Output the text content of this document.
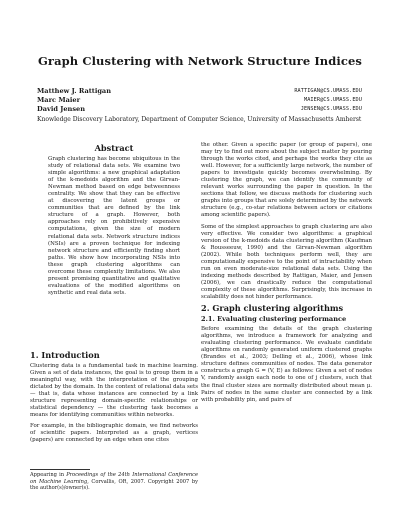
Graph Clustering with Network Structure Indices
Matthew J. Rattigan	RATTIGAN@CS.UMASS.EDU
Marc Maier	MAIER@CS.UMASS.EDU
David Jensen	JENSEN@CS.UMASS.EDU
Knowledge Discovery Laboratory, Department of Computer Science, University of Massachusetts Amherst
Abstract

Graph clustering has become ubiquitous in the study of relational data sets. We examine two simple algorithms: a new graphical adaptation of the k-medoids algorithm and the Girvan-Newman method based on edge betweenness centrality. We show that they can be effective at discovering the latent groups or communities that are defined by the link structure of a graph. However, both approaches rely on prohibitively expensive computations, given the size of modern relational data sets. Network structure indices (NSIs) are a proven technique for indexing network structure and efficiently finding short paths. We show how incorporating NSIs into these graph clustering algorithms can overcome these complexity limitations. We also present promising quantitative and qualitative evaluations of the modified algorithms on synthetic and real data sets.

1. Introduction

Clustering data is a fundamental task in machine learning. Given a set of data instances, the goal is to group them in a meaningful way, with the interpretation of the grouping dictated by the domain. In the context of relational data sets — that is, data whose instances are connected by a link structure representing domain-specific relationships or statistical dependency — the clustering task becomes a means for identifying communities within networks.

For example, in the bibliographic domain, we find networks of scientific papers. Interpreted as a graph, vertices (papers) are connected by an edge when one cites

Appearing in Proceedings of the 24th International Conference on Machine Learning, Corvallis, OR, 2007. Copyright 2007 by the author(s)/owner(s).

the other. Given a specific paper (or group of papers), one may try to find out more about the subject matter by pouring through the works cited, and perhaps the works they cite as well. However, for a sufficiently large network, the number of papers to investigate quickly becomes overwhelming. By clustering the graph, we can identify the community of relevant works surrounding the paper in question. In the sections that follow, we discuss methods for clustering such graphs into groups that are solely determined by the network structure (e.g., co-star relations between actors or citations among scientific papers).

Some of the simplest approaches to graph clustering are also very effective. We consider two algorithms: a graphical version of the k-medoids data clustering algorithm (Kaufman & Rousseeuw, 1990) and the Girvan-Newman algorithm (2002). While both techniques perform well, they are computationally expensive to the point of intractability when run on even moderate-size relational data sets. Using the indexing methods described by Rattigan, Maier, and Jensen (2006), we can drastically reduce the computational complexity of these algorithms. Surprisingly, this increase in scalability does not hinder performance.

2. Graph clustering algorithms
2.1. Evaluating clustering performance

Before examining the details of the graph clustering algorithms, we introduce a framework for analyzing and evaluating clustering performance. We evaluate candidate algorithms on randomly generated uniform clustered graphs (Brandes et al., 2003; Delling et al., 2006), whose link structure defines communities of nodes. The data generator constructs a graph G = (V, E) as follows: Given a set of nodes V, randomly assign each node to one of j clusters, such that the final cluster sizes are normally distributed about mean μ. Pairs of nodes in the same cluster are connected by a link with probability pin, and pairs of
